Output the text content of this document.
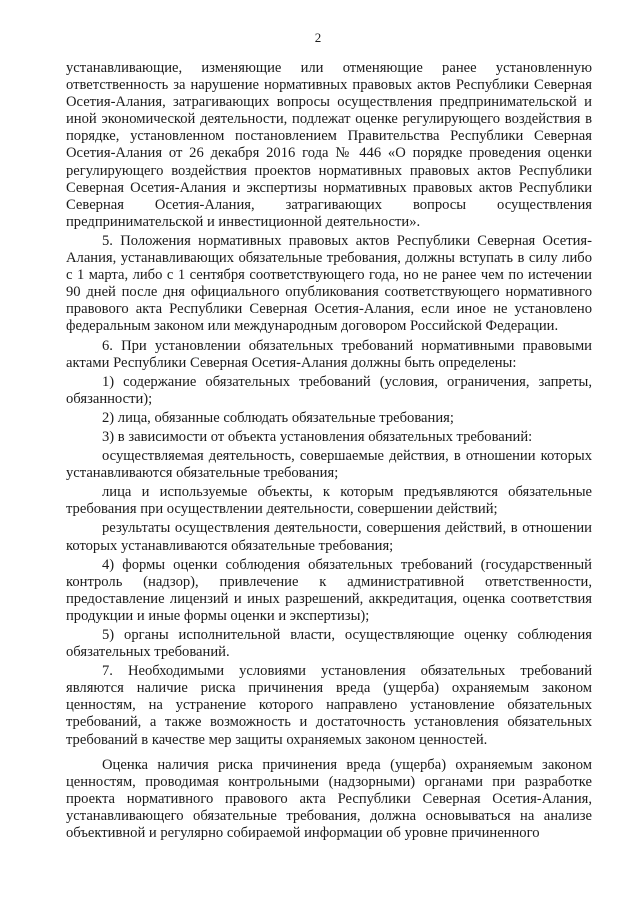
2

устанавливающие, изменяющие или отменяющие ранее установленную ответственность за нарушение нормативных правовых актов Республики Северная Осетия-Алания, затрагивающих вопросы осуществления предпринимательской и иной экономической деятельности, подлежат оценке регулирующего воздействия в порядке, установленном постановлением Правительства Республики Северная Осетия-Алания от 26 декабря 2016 года № 446 «О порядке проведения оценки регулирующего воздействия проектов нормативных правовых актов Республики Северная Осетия-Алания и экспертизы нормативных правовых актов Республики Северная Осетия-Алания, затрагивающих вопросы осуществления предпринимательской и инвестиционной деятельности».

5. Положения нормативных правовых актов Республики Северная Осетия-Алания, устанавливающих обязательные требования, должны вступать в силу либо с 1 марта, либо с 1 сентября соответствующего года, но не ранее чем по истечении 90 дней после дня официального опубликования соответствующего нормативного правового акта Республики Северная Осетия-Алания, если иное не установлено федеральным законом или международным договором Российской Федерации.

6. При установлении обязательных требований нормативными правовыми актами Республики Северная Осетия-Алания должны быть определены:

1) содержание обязательных требований (условия, ограничения, запреты, обязанности);

2) лица, обязанные соблюдать обязательные требования;

3) в зависимости от объекта установления обязательных требований:

осуществляемая деятельность, совершаемые действия, в отношении которых устанавливаются обязательные требования;

лица и используемые объекты, к которым предъявляются обязательные требования при осуществлении деятельности, совершении действий;

результаты осуществления деятельности, совершения действий, в отношении которых устанавливаются обязательные требования;

4) формы оценки соблюдения обязательных требований (государственный контроль (надзор), привлечение к административной ответственности, предоставление лицензий и иных разрешений, аккредитация, оценка соответствия продукции и иные формы оценки и экспертизы);

5) органы исполнительной власти, осуществляющие оценку соблюдения обязательных требований.

7. Необходимыми условиями установления обязательных требований являются наличие риска причинения вреда (ущерба) охраняемым законом ценностям, на устранение которого направлено установление обязательных требований, а также возможность и достаточность установления обязательных требований в качестве мер защиты охраняемых законом ценностей.

Оценка наличия риска причинения вреда (ущерба) охраняемым законом ценностям, проводимая контрольными (надзорными) органами при разработке проекта нормативного правового акта Республики Северная Осетия-Алания, устанавливающего обязательные требования, должна основываться на анализе объективной и регулярно собираемой информации об уровне причиненного
